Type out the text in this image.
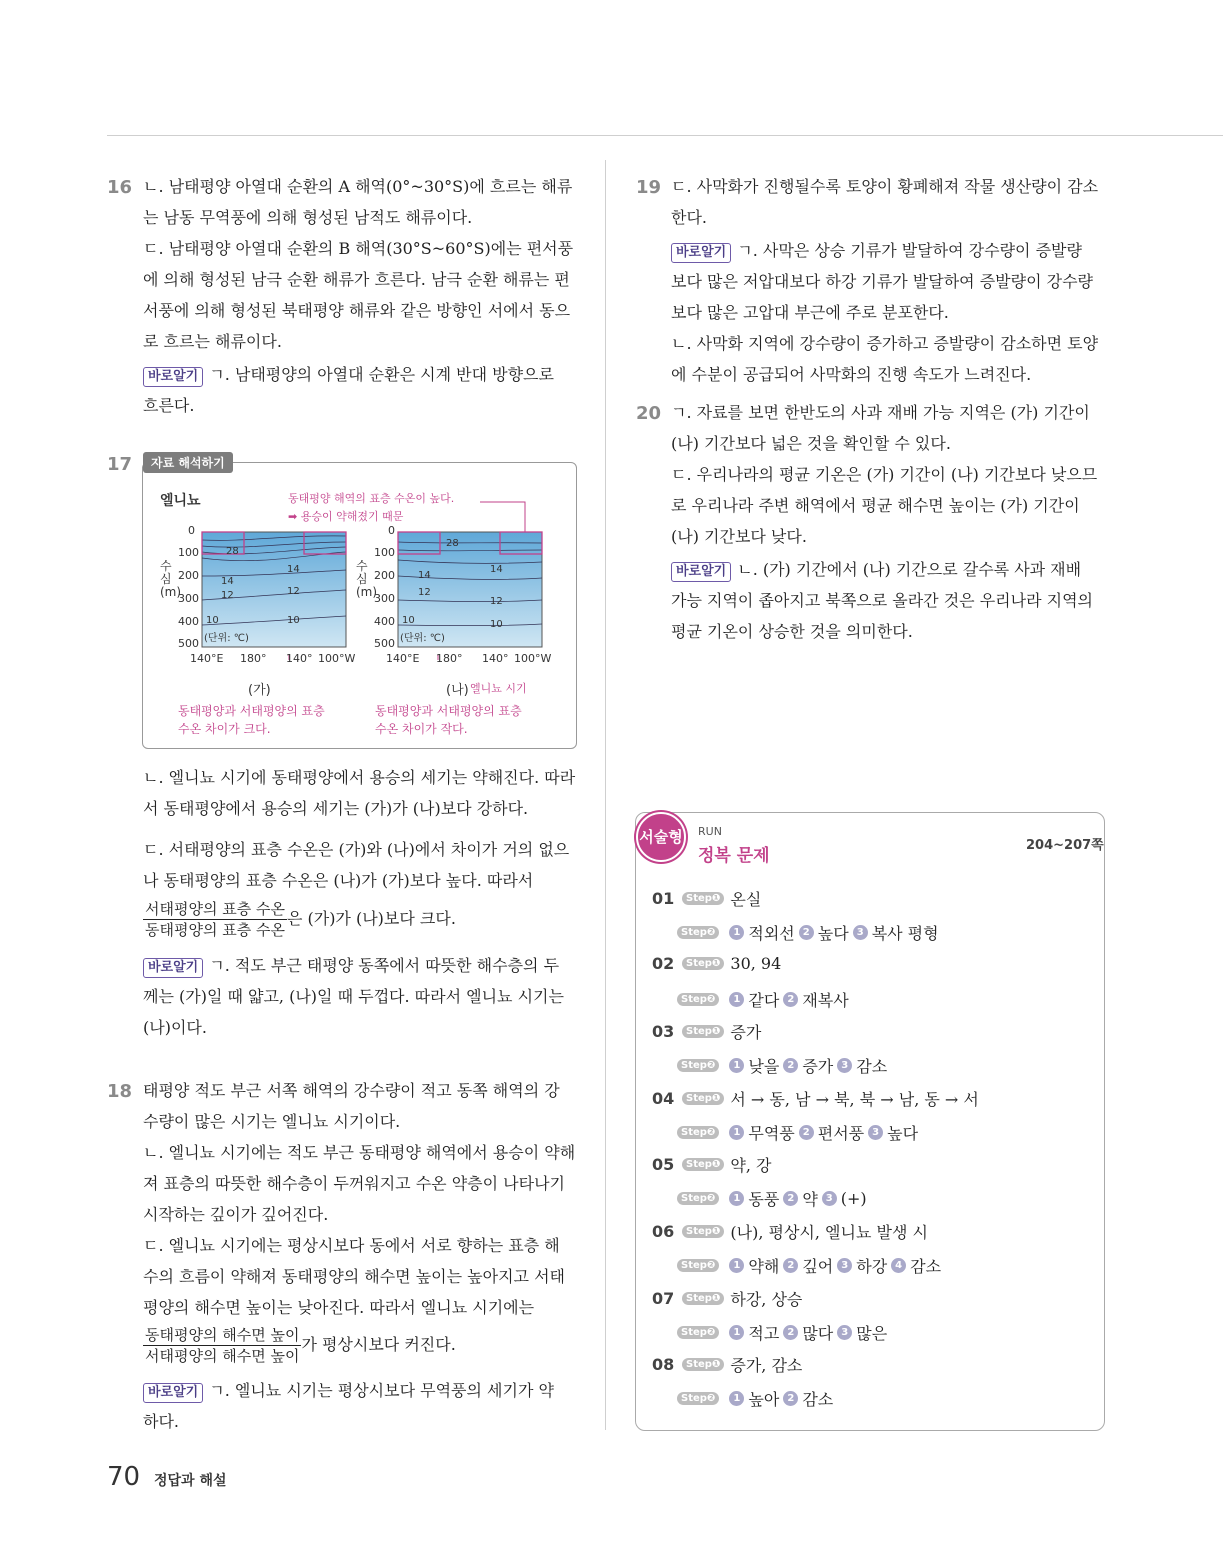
16 ㄴ. 남태평양 아열대 순환의 A 해역(0°~30°S)에 흐르는 해류
는 남동 무역풍에 의해 형성된 남적도 해류이다.
ㄷ. 남태평양 아열대 순환의 B 해역(30°S~60°S)에는 편서풍
에 의해 형성된 남극 순환 해류가 흐른다. 남극 순환 해류는 편
서풍에 의해 형성된 북태평양 해류와 같은 방향인 서에서 동으
로 흐르는 해류이다.
바로알기 ㄱ. 남태평양의 아열대 순환은 시계 반대 방향으로
흐른다.
17	자료 해석하기
엘니뇨	동태평양 해역의 표층 수온이 높다.
➡ 용승이 약해졌기 때문
수심(m)
0
100
200
300
400
500 (단위: ℃)
28
14
12
10
14
12
10
140°E 180° 140° 100°W
수심(m)
0
100
200
300
400
500 (단위: ℃)
28
14
12
10
14
12
10
140°E 180° 140° 100°W
(가)	(나) 엘니뇨 시기
동태평양과 서태평양의 표층
수온 차이가 크다.
동태평양과 서태평양의 표층
수온 차이가 작다.
ㄴ. 엘니뇨 시기에 동태평양에서 용승의 세기는 약해진다. 따라
서 동태평양에서 용승의 세기는 (가)가 (나)보다 강하다.
ㄷ. 서태평양의 표층 수온은 (가)와 (나)에서 차이가 거의 없으
나 동태평양의 표층 수온은 (나)가 (가)보다 높다. 따라서
$\frac{\text{서태평양의 표층 수온}}{\text{동태평양의 표층 수온}}$ 은 (가)가 (나)보다 크다.
바로알기 ㄱ. 적도 부근 태평양 동쪽에서 따뜻한 해수층의 두
께는 (가)일 때 얇고, (나)일 때 두껍다. 따라서 엘니뇨 시기는
(나)이다.
18 태평양 적도 부근 서쪽 해역의 강수량이 적고 동쪽 해역의 강
수량이 많은 시기는 엘니뇨 시기이다.
ㄴ. 엘니뇨 시기에는 적도 부근 동태평양 해역에서 용승이 약해
져 표층의 따뜻한 해수층이 두꺼워지고 수온 약층이 나타나기
시작하는 깊이가 깊어진다.
ㄷ. 엘니뇨 시기에는 평상시보다 동에서 서로 향하는 표층 해
수의 흐름이 약해져 동태평양의 해수면 높이는 높아지고 서태
평양의 해수면 높이는 낮아진다. 따라서 엘니뇨 시기에는
$\frac{\text{동태평양의 해수면 높이}}{\text{서태평양의 해수면 높이}}$ 가 평상시보다 커진다.
바로알기 ㄱ. 엘니뇨 시기는 평상시보다 무역풍의 세기가 약
하다.
19 ㄷ. 사막화가 진행될수록 토양이 황폐해져 작물 생산량이 감소
한다.
바로알기 ㄱ. 사막은 상승 기류가 발달하여 강수량이 증발량
보다 많은 저압대보다 하강 기류가 발달하여 증발량이 강수량
보다 많은 고압대 부근에 주로 분포한다.
ㄴ. 사막화 지역에 강수량이 증가하고 증발량이 감소하면 토양
에 수분이 공급되어 사막화의 진행 속도가 느려진다.
20 ㄱ. 자료를 보면 한반도의 사과 재배 가능 지역은 (가) 기간이
(나) 기간보다 넓은 것을 확인할 수 있다.
ㄷ. 우리나라의 평균 기온은 (가) 기간이 (나) 기간보다 낮으므
로 우리나라 주변 해역에서 평균 해수면 높이는 (가) 기간이
(나) 기간보다 낮다.
바로알기 ㄴ. (가) 기간에서 (나) 기간으로 갈수록 사과 재배
가능 지역이 좁아지고 북쪽으로 올라간 것은 우리나라 지역의
평균 기온이 상승한 것을 의미한다.
서술형 RUN
정복 문제
204~207쪽
01	Step❶ 온실
Step❷	1 적외선 2 높다 3 복사 평형
02	Step❶ 30, 94
Step❷	1 같다 2 재복사
03	Step❶ 증가
Step❷	1 낮을 2 증가 3 감소
04	Step❶ 서 → 동, 남 → 북, 북 → 남, 동 → 서
Step❷	1 무역풍 2 편서풍 3 높다
05	Step❶ 약, 강
Step❷	1 동풍 2 약 3 (+)
06	Step❶ (나), 평상시, 엘니뇨 발생 시
Step❷	1 약해 2 깊어 3 하강 4 감소
07	Step❶ 하강, 상승
Step❷	1 적고 2 많다 3 많은
08	Step❶ 증가, 감소
Step❷	1 높아 2 감소
70 정답과 해설
